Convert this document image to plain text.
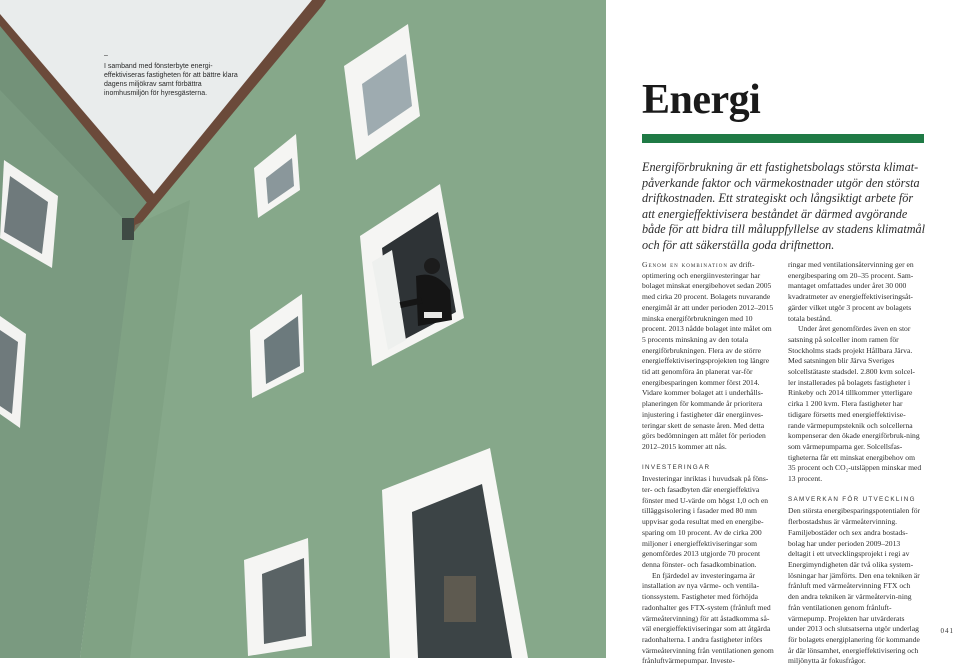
–
I samband med fönsterbyte energi-effektiviseras fastigheten för att bättre klara dagens miljökrav samt förbättra inomhusmiljön för hyresgästerna.	Energi

Energiförbrukning är ett fastighetsbolags största klimat-påverkande faktor och värmekostnader utgör den största driftkostnaden. Ett strategiskt och långsiktigt arbete för att energieffektivisera beståndet är därmed avgörande både för att bidra till måluppfyllelse av stadens klimatmål och för att säkerställa goda driftnetton.

Genom en kombination av drift-optimering och energiinvesteringar har bolaget minskat energibehovet sedan 2005 med cirka 20 procent. Bolagets nuvarande energimål är att under perioden 2012–2015 minska energiförbrukningen med 10 procent. 2013 nådde bolaget inte målet om 5 procents minskning av den totala energiförbrukningen. Flera av de större energieffektiviseringsprojekten tog längre tid att genomföra än planerat var-för energibesparingen kommer först 2014. Vidare kommer bolaget att i underhålls-planeringen för kommande år prioritera injustering i fastigheter där energiinves-teringar skett de senaste åren. Med detta görs bedömningen att målet för perioden 2012–2015 kommer att nås.

INVESTERINGAR

Investeringar inriktas i huvudsak på föns-ter- och fasadbyten där energieffektiva fönster med U-värde om högst 1,0 och en tilläggsisolering i fasader med 80 mm uppvisar goda resultat med en energibe-sparing om 10 procent. Av de cirka 200 miljoner i energieffektiviseringar som genomfördes 2013 utgjorde 70 procent denna fönster- och fasadkombination.

En fjärdedel av investeringarna är installation av nya värme- och ventila-tionssystem. Fastigheter med förhöjda radonhalter ges FTX-system (frånluft med värmeåtervinning) för att åstadkomma så-väl energieffektiviseringar som att åtgärda radonhalterna. I andra fastigheter införs värmeåtervinning från ventilationen genom frånluftvärmepumpar. Investe-

ringar med ventilationsåtervinning ger en energibesparing om 20–35 procent. Sam-mantaget omfattades under året 30 000 kvadratmeter av energieffektiviseringsåt-gärder vilket utgör 3 procent av bolagets totala bestånd.

Under året genomfördes även en stor satsning på solceller inom ramen för Stockholms stads projekt Hållbara Järva. Med satsningen blir Järva Sveriges solcellstätaste stadsdel. 2.800 kvm solcel-ler installerades på bolagets fastigheter i Rinkeby och 2014 tillkommer ytterligare cirka 1 200 kvm. Flera fastigheter har tidigare försetts med energieffektivise-rande värmepumpsteknik och solcellerna kompenserar den ökade energiförbruk-ning som värmepumparna ger. Solcellsfas-tigheterna får ett minskat energibehov om 35 procent och CO₂-utsläppen minskar med 13 procent.

SAMVERKAN FÖR UTVECKLING

Den största energibesparingspotentialen för flerbostadshus är värmeåtervinning. Familjebostäder och sex andra bostads-bolag har under perioden 2009–2013 deltagit i ett utvecklingsprojekt i regi av Energimyndigheten där två olika system-lösningar har jämförts. Den ena tekniken är frånluft med värmeåtervinning FTX och den andra tekniken är värmeåtervin-ning från ventilationen genom frånluft-värmepump. Projekten har utvärderats under 2013 och slutsatserna utgör underlag för bolagets energiplanering för kommande år där lönsamhet, energieffektivisering och miljönytta är fokusfrågor.

041
